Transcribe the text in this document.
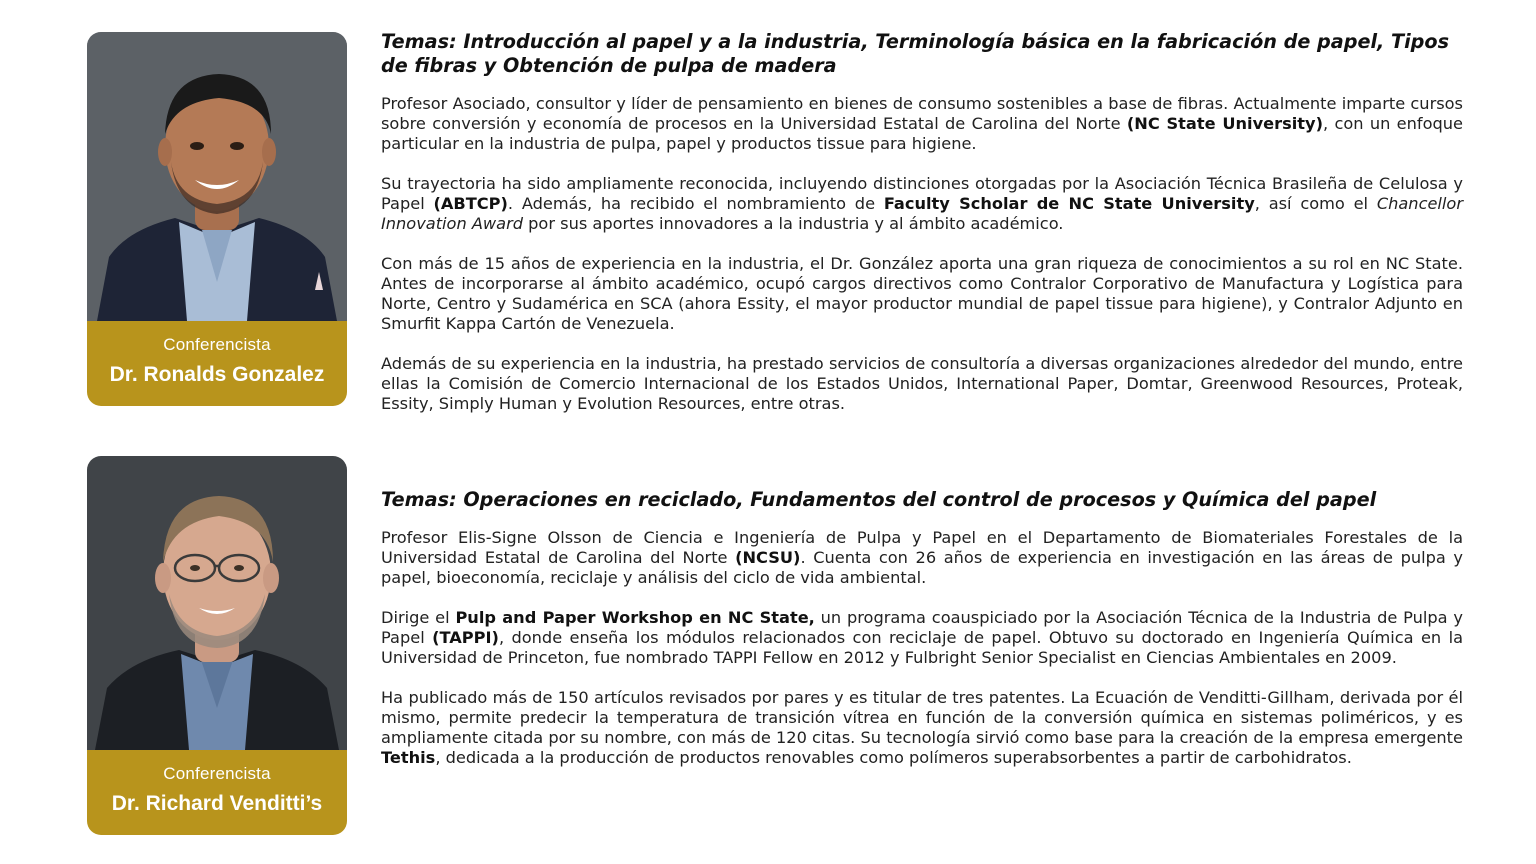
Conferencista
Dr. Ronalds Gonzalez
Temas: Introducción al papel y a la industria, Terminología básica en la fabricación de papel, Tipos de fibras y Obtención de pulpa de madera

Profesor Asociado, consultor y líder de pensamiento en bienes de consumo sostenibles a base de fibras. Actualmente imparte cursos sobre conversión y economía de procesos en la Universidad Estatal de Carolina del Norte (NC State University), con un enfoque particular en la industria de pulpa, papel y productos tissue para higiene.

Su trayectoria ha sido ampliamente reconocida, incluyendo distinciones otorgadas por la Asociación Técnica Brasileña de Celulosa y Papel (ABTCP). Además, ha recibido el nombramiento de Faculty Scholar de NC State University, así como el Chancellor Innovation Award por sus aportes innovadores a la industria y al ámbito académico.

Con más de 15 años de experiencia en la industria, el Dr. González aporta una gran riqueza de conocimientos a su rol en NC State. Antes de incorporarse al ámbito académico, ocupó cargos directivos como Contralor Corporativo de Manufactura y Logística para Norte, Centro y Sudamérica en SCA (ahora Essity, el mayor productor mundial de papel tissue para higiene), y Contralor Adjunto en Smurfit Kappa Cartón de Venezuela.

Además de su experiencia en la industria, ha prestado servicios de consultoría a diversas organizaciones alrededor del mundo, entre ellas la Comisión de Comercio Internacional de los Estados Unidos, International Paper, Domtar, Greenwood Resources, Proteak, Essity, Simply Human y Evolution Resources, entre otras.

Conferencista
Dr. Richard Venditti’s
Temas: Operaciones en reciclado, Fundamentos del control de procesos y Química del papel

Profesor Elis-Signe Olsson de Ciencia e Ingeniería de Pulpa y Papel en el Departamento de Biomateriales Forestales de la Universidad Estatal de Carolina del Norte (NCSU). Cuenta con 26 años de experiencia en investigación en las áreas de pulpa y papel, bioeconomía, reciclaje y análisis del ciclo de vida ambiental.

Dirige el Pulp and Paper Workshop en NC State, un programa coauspiciado por la Asociación Técnica de la Industria de Pulpa y Papel (TAPPI), donde enseña los módulos relacionados con reciclaje de papel. Obtuvo su doctorado en Ingeniería Química en la Universidad de Princeton, fue nombrado TAPPI Fellow en 2012 y Fulbright Senior Specialist en Ciencias Ambientales en 2009.

Ha publicado más de 150 artículos revisados por pares y es titular de tres patentes. La Ecuación de Venditti-Gillham, derivada por él mismo, permite predecir la temperatura de transición vítrea en función de la conversión química en sistemas poliméricos, y es ampliamente citada por su nombre, con más de 120 citas. Su tecnología sirvió como base para la creación de la empresa emergente Tethis, dedicada a la producción de productos renovables como polímeros superabsorbentes a partir de carbohidratos.
